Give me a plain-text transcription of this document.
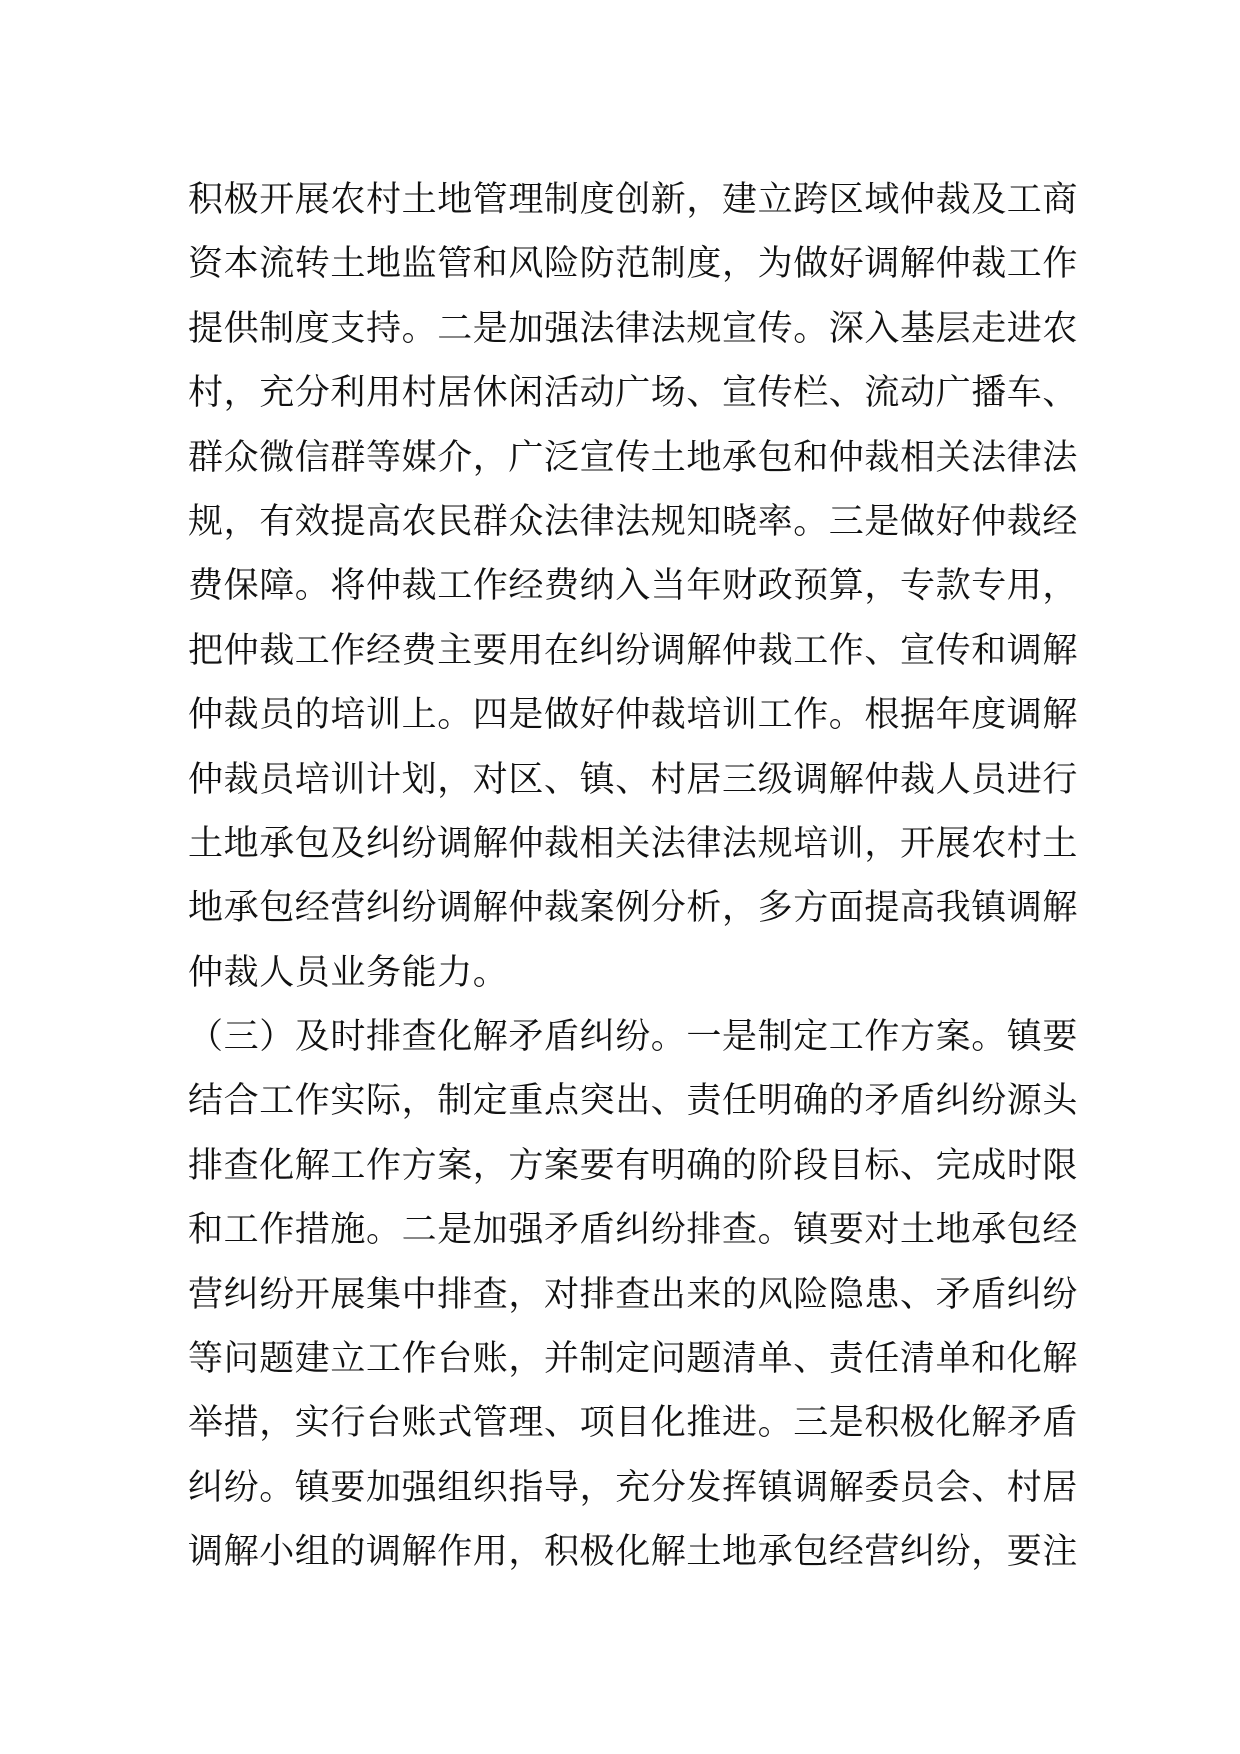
积极开展农村土地管理制度创新，建立跨区域仲裁及工商
资本流转土地监管和风险防范制度，为做好调解仲裁工作
提供制度支持。二是加强法律法规宣传。深入基层走进农
村，充分利用村居休闲活动广场、宣传栏、流动广播车、
群众微信群等媒介，广泛宣传土地承包和仲裁相关法律法
规，有效提高农民群众法律法规知晓率。三是做好仲裁经
费保障。将仲裁工作经费纳入当年财政预算，专款专用，
把仲裁工作经费主要用在纠纷调解仲裁工作、宣传和调解
仲裁员的培训上。四是做好仲裁培训工作。根据年度调解
仲裁员培训计划，对区、镇、村居三级调解仲裁人员进行
土地承包及纠纷调解仲裁相关法律法规培训，开展农村土
地承包经营纠纷调解仲裁案例分析，多方面提高我镇调解
仲裁人员业务能力。
（三）及时排查化解矛盾纠纷。一是制定工作方案。镇要
结合工作实际，制定重点突出、责任明确的矛盾纠纷源头
排查化解工作方案，方案要有明确的阶段目标、完成时限
和工作措施。二是加强矛盾纠纷排查。镇要对土地承包经
营纠纷开展集中排查，对排查出来的风险隐患、矛盾纠纷
等问题建立工作台账，并制定问题清单、责任清单和化解
举措，实行台账式管理、项目化推进。三是积极化解矛盾
纠纷。镇要加强组织指导，充分发挥镇调解委员会、村居
调解小组的调解作用，积极化解土地承包经营纠纷，要注
